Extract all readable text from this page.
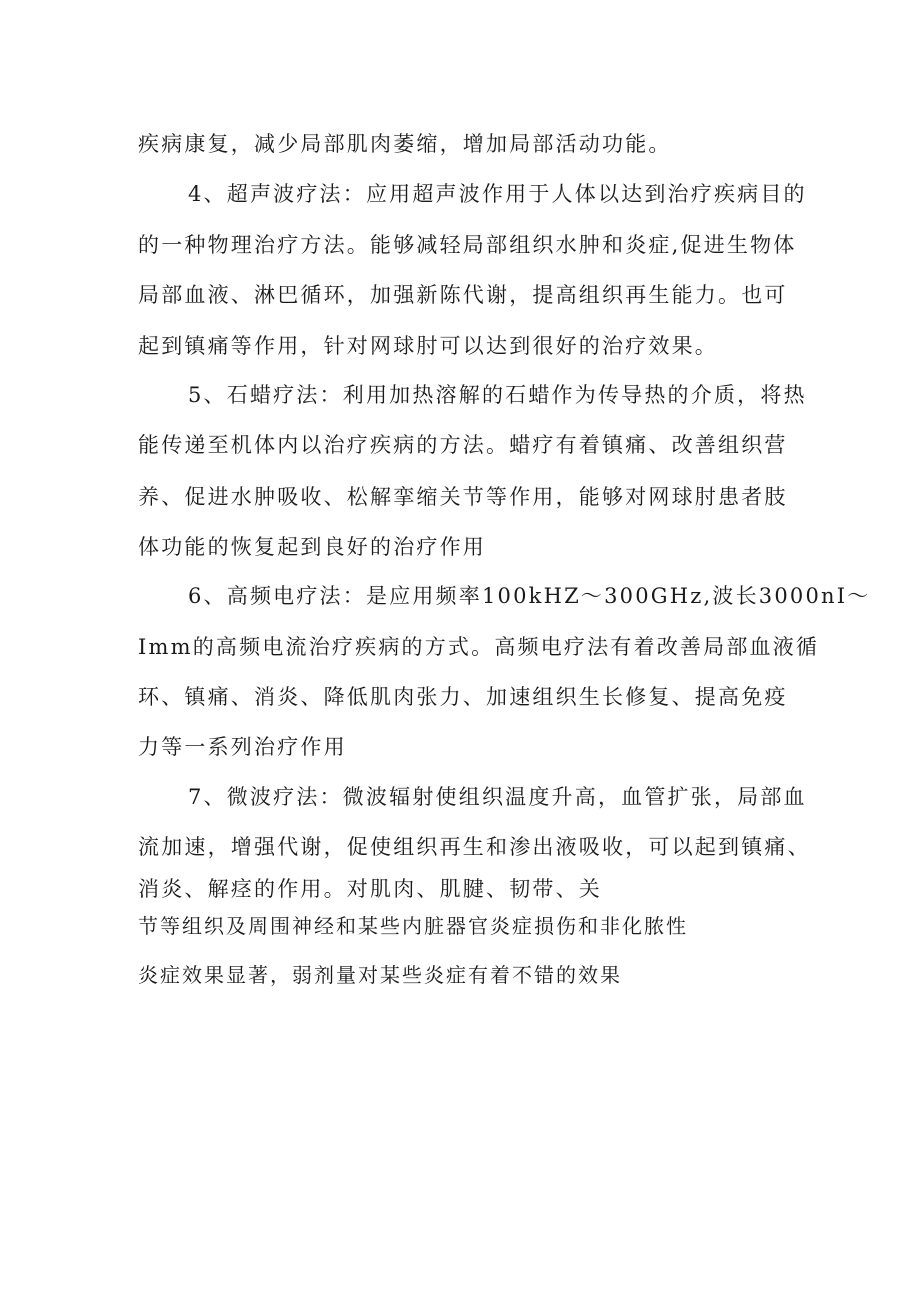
疾病康复，减少局部肌肉萎缩，增加局部活动功能。
4、超声波疗法：应用超声波作用于人体以达到治疗疾病目的
的一种物理治疗方法。能够减轻局部组织水肿和炎症,促进生物体
局部血液、淋巴循环，加强新陈代谢，提高组织再生能力。也可
起到镇痛等作用，针对网球肘可以达到很好的治疗效果。
5、石蜡疗法：利用加热溶解的石蜡作为传导热的介质，将热
能传递至机体内以治疗疾病的方法。蜡疗有着镇痛、改善组织营
养、促进水肿吸收、松解挛缩关节等作用，能够对网球肘患者肢
体功能的恢复起到良好的治疗作用
6、高频电疗法：是应用频率100kHZ～300GHz,波长3000nI～
Imm的高频电流治疗疾病的方式。高频电疗法有着改善局部血液循
环、镇痛、消炎、降低肌肉张力、加速组织生长修复、提高免疫
力等一系列治疗作用
7、微波疗法：微波辐射使组织温度升高，血管扩张，局部血
流加速，增强代谢，促使组织再生和渗出液吸收，可以起到镇痛、
消炎、解痉的作用。对肌肉、肌腱、韧带、关
节等组织及周围神经和某些内脏器官炎症损伤和非化脓性
炎症效果显著，弱剂量对某些炎症有着不错的效果
